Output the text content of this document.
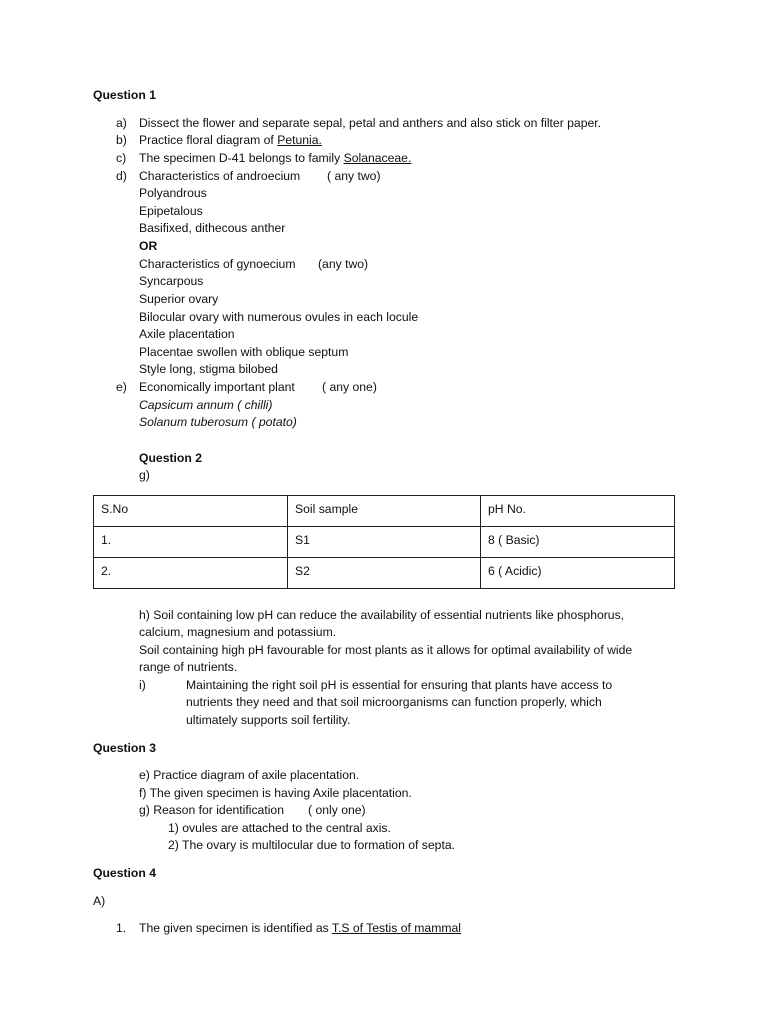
Question 1
a) Dissect the flower and separate sepal, petal and anthers and also stick on filter paper.
b) Practice floral diagram of Petunia.
c) The specimen D-41 belongs to family Solanaceae.
d) Characteristics of androecium ( any two)
Polyandrous
Epipetalous
Basifixed, dithecous anther
OR
Characteristics of gynoecium (any two)
Syncarpous
Superior ovary
Bilocular ovary with numerous ovules in each locule
Axile placentation
Placentae swollen with oblique septum
Style long, stigma bilobed
e) Economically important plant ( any one)
Capsicum annum ( chilli)
Solanum tuberosum ( potato)
Question 2
g)
S.No	Soil sample	pH No.
1.	S1	8 ( Basic)
2.	S2	6 ( Acidic)
h) Soil containing low pH can reduce the availability of essential nutrients like phosphorus,
calcium, magnesium and potassium.
Soil containing high pH favourable for most plants as it allows for optimal availability of wide
range of nutrients.
i)	Maintaining the right soil pH is essential for ensuring that plants have access to
nutrients they need and that soil microorganisms can function properly, which
ultimately supports soil fertility.
Question 3
e) Practice diagram of axile placentation.
f) The given specimen is having Axile placentation.
g) Reason for identification ( only one)
1) ovules are attached to the central axis.
2) The ovary is multilocular due to formation of septa.
Question 4
A)
1. The given specimen is identified as T.S of Testis of mammal
